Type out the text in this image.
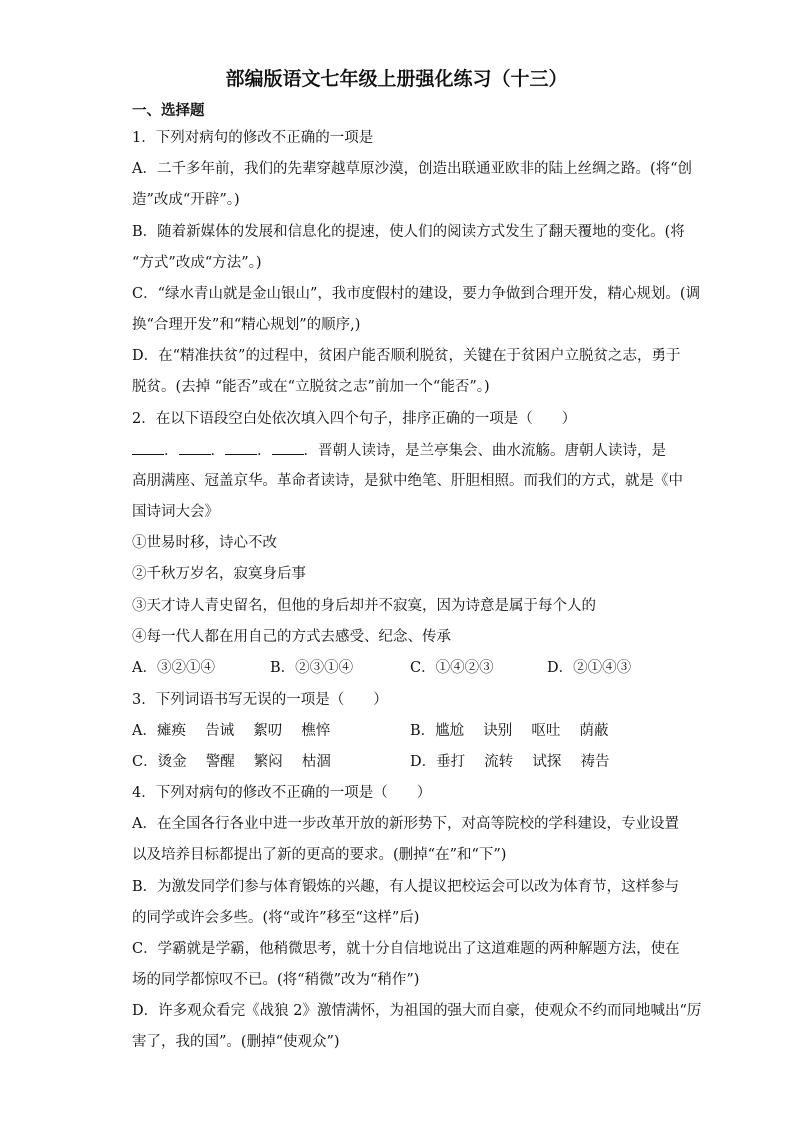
部编版语文七年级上册强化练习（十三）
一、选择题
1．下列对病句的修改不正确的一项是
A．二千多年前，我们的先辈穿越草原沙漠，创造出联通亚欧非的陆上丝绸之路。(将“创
造”改成“开辟”。)
B．随着新媒体的发展和信息化的提速，使人们的阅读方式发生了翻天覆地的变化。(将
“方式”改成“方法”。)
C．“绿水青山就是金山银山”，我市度假村的建设，要力争做到合理开发，精心规划。(调
换“合理开发”和“精心规划”的顺序,)
D．在“精准扶贫”的过程中，贫困户能否顺利脱贫，关键在于贫困户立脱贫之志，勇于
脱贫。(去掉 “能否”或在“立脱贫之志”前加一个“能否”。)
2．在以下语段空白处依次填入四个句子，排序正确的一项是（　　）
． ． ． ．晋朝人读诗，是兰亭集会、曲水流觞。唐朝人读诗，是
高朋满座、冠盖京华。革命者读诗，是狱中绝笔、肝胆相照。而我们的方式，就是《中
国诗词大会》
①世易时移，诗心不改
②千秋万岁名，寂寞身后事
③天才诗人青史留名，但他的身后却并不寂寞，因为诗意是属于每个人的
④每一代人都在用自己的方式去感受、纪念、传承
A．③②①④	B．②③①④	C．①④②③	D．②①④③
3．下列词语书写无误的一项是（　　）
A．瘫痪　 告诫　 絮叨　 樵悴	B．尴尬　 诀别　 呕吐　 荫蔽
C．烫金　 警醒　 繁闷　 枯涸	D．垂打　 流转　 试探　 祷告
4．下列对病句的修改不正确的一项是（　　）
A．在全国各行各业中进一步改革开放的新形势下，对高等院校的学科建设，专业设置
以及培养目标都提出了新的更高的要求。(删掉“在”和“下”)
B．为激发同学们参与体育锻炼的兴趣，有人提议把校运会可以改为体育节，这样参与
的同学或许会多些。(将“或许”移至“这样”后)
C．学霸就是学霸，他稍微思考，就十分自信地说出了这道难题的两种解题方法，使在
场的同学都惊叹不已。(将“稍微”改为“稍作”)
D．许多观众看完《战狼 2》激情满怀，为祖国的强大而自豪，使观众不约而同地喊出“厉
害了，我的国”。(删掉“使观众”)
